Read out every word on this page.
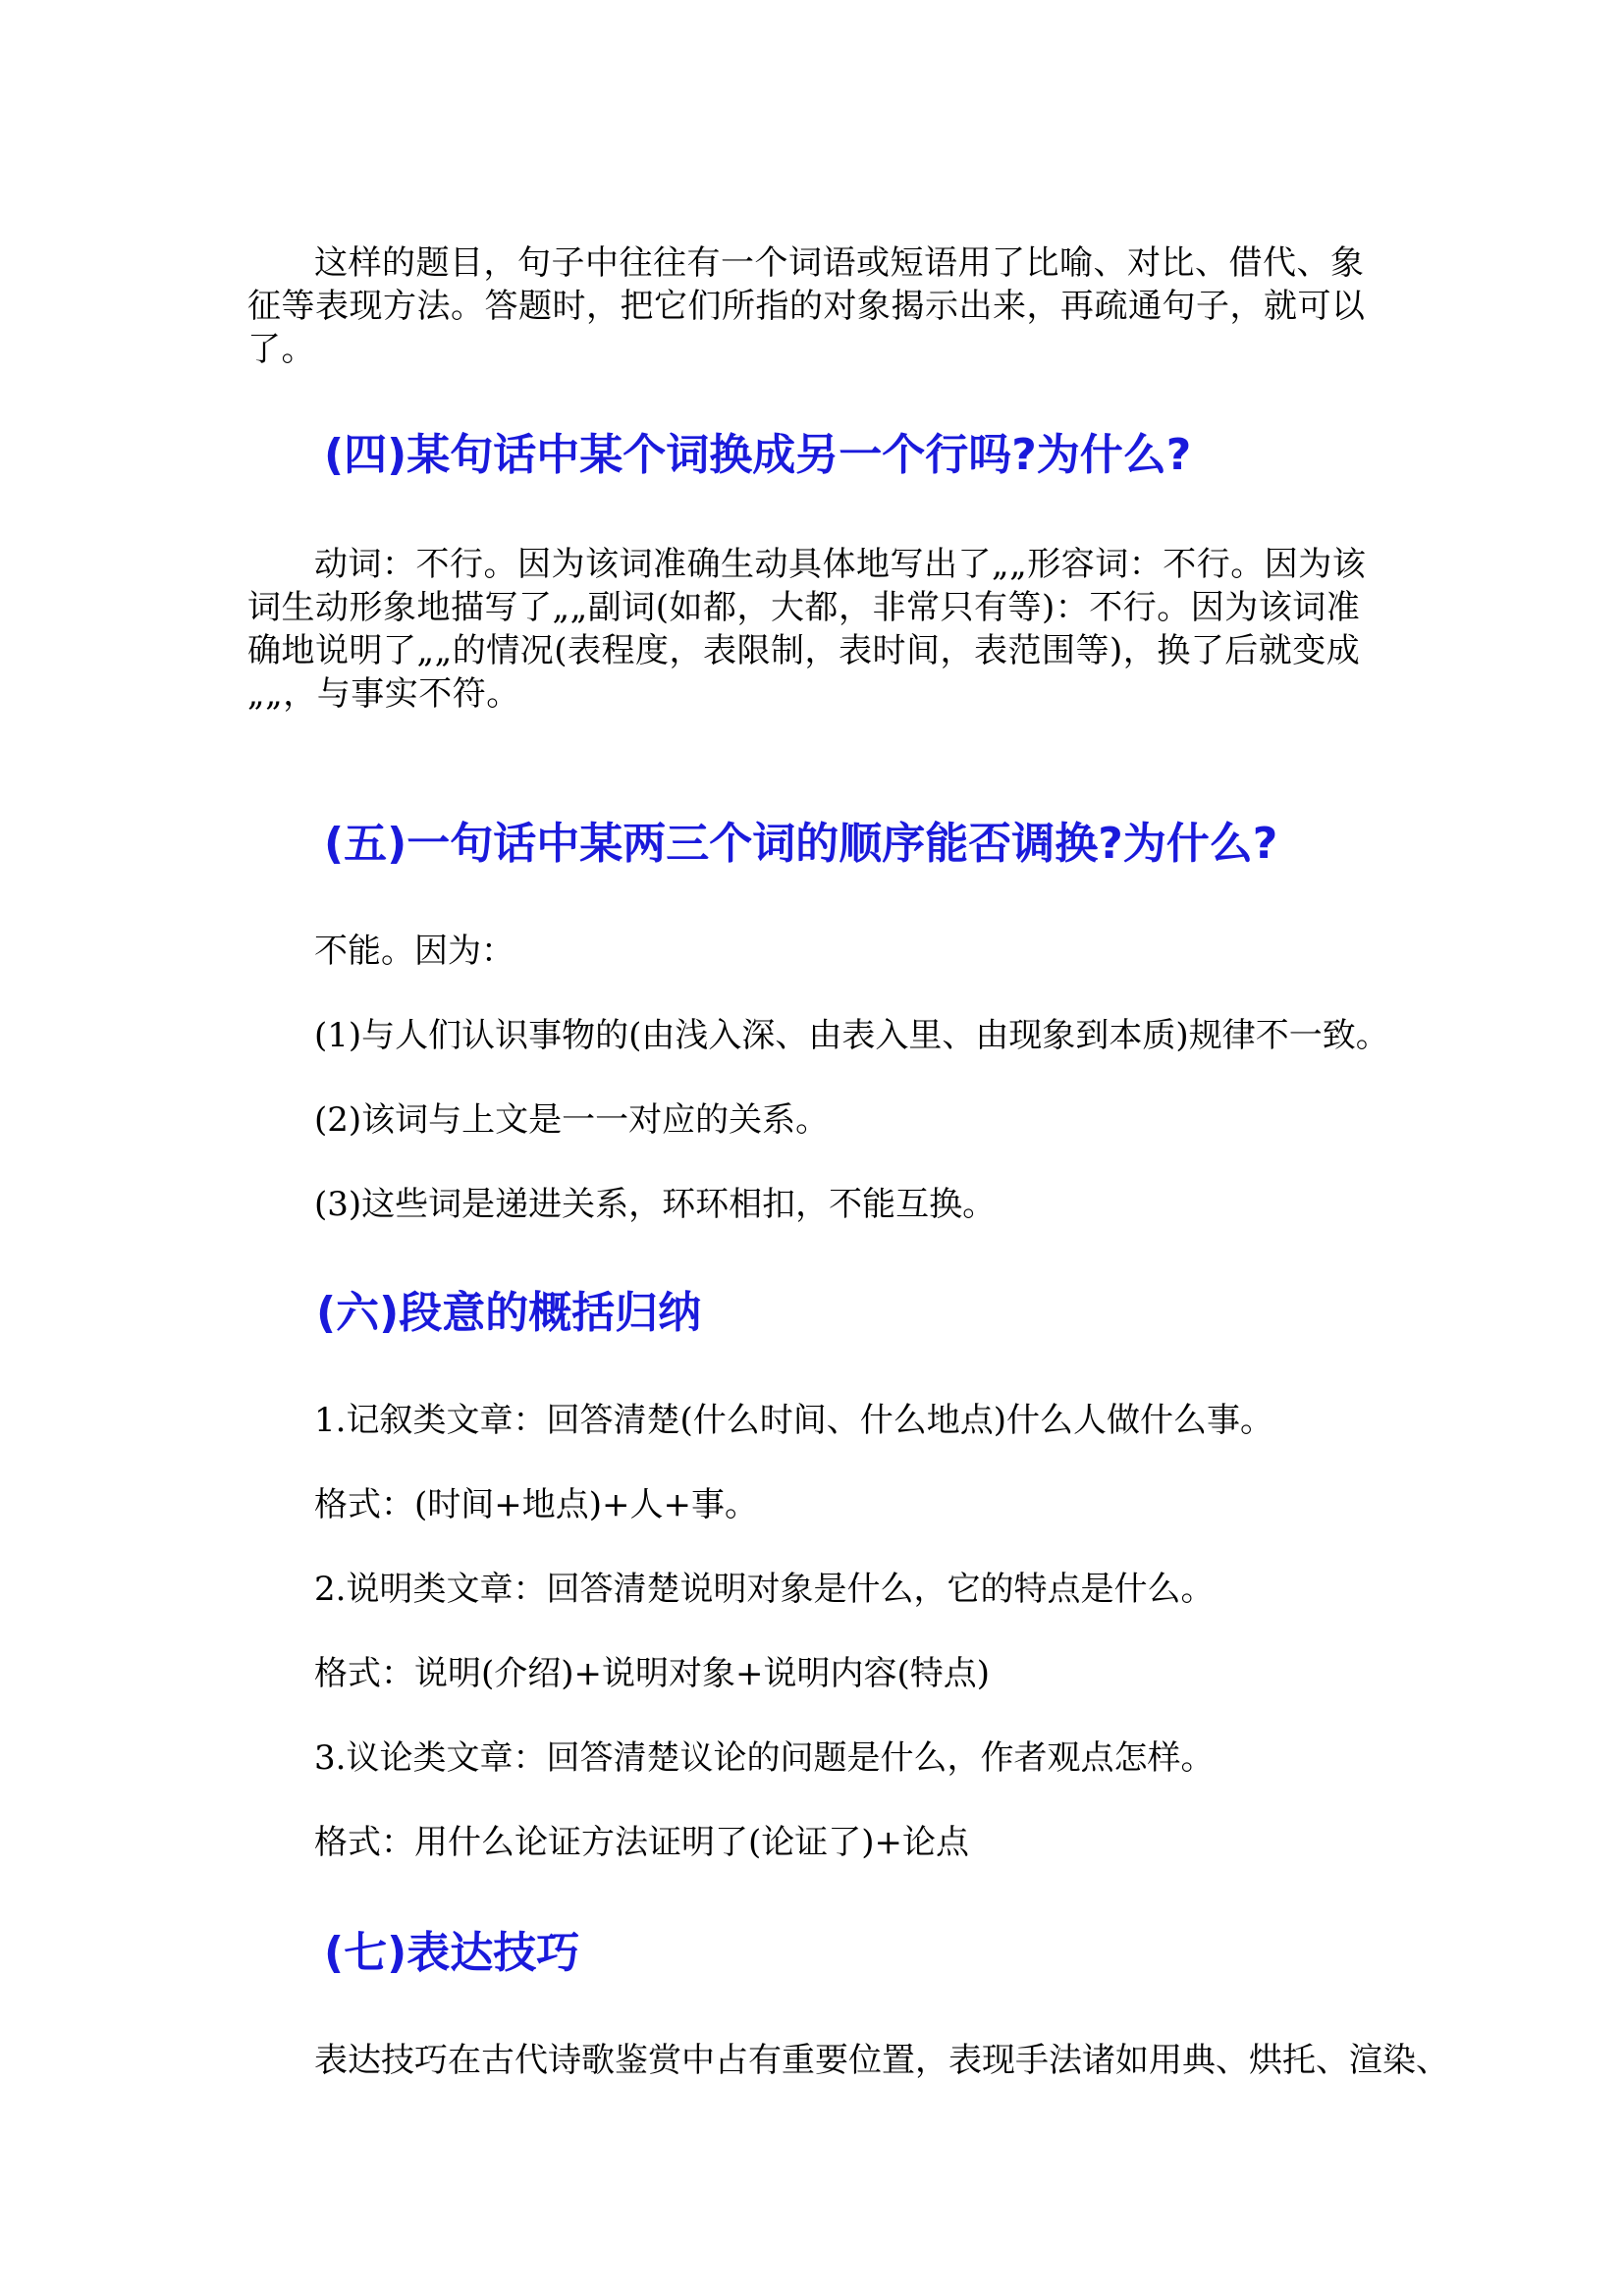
这样的题目，句子中往往有一个词语或短语用了比喻、对比、借代、象征等表现方法。答题时，把它们所指的对象揭示出来，再疏通句子，就可以了。

(四)某句话中某个词换成另一个行吗?为什么?

动词：不行。因为该词准确生动具体地写出了„„形容词：不行。因为该词生动形象地描写了„„副词(如都，大都，非常只有等)：不行。因为该词准确地说明了„„的情况(表程度，表限制，表时间，表范围等)，换了后就变成„„，与事实不符。

(五)一句话中某两三个词的顺序能否调换?为什么?

不能。因为：

(1)与人们认识事物的(由浅入深、由表入里、由现象到本质)规律不一致。

(2)该词与上文是一一对应的关系。

(3)这些词是递进关系，环环相扣，不能互换。

(六)段意的概括归纳

1.记叙类文章：回答清楚(什么时间、什么地点)什么人做什么事。

格式：(时间+地点)+人+事。

2.说明类文章：回答清楚说明对象是什么，它的特点是什么。

格式：说明(介绍)+说明对象+说明内容(特点)

3.议论类文章：回答清楚议论的问题是什么，作者观点怎样。

格式：用什么论证方法证明了(论证了)+论点

(七)表达技巧

表达技巧在古代诗歌鉴赏中占有重要位置，表现手法诸如用典、烘托、渲染、
